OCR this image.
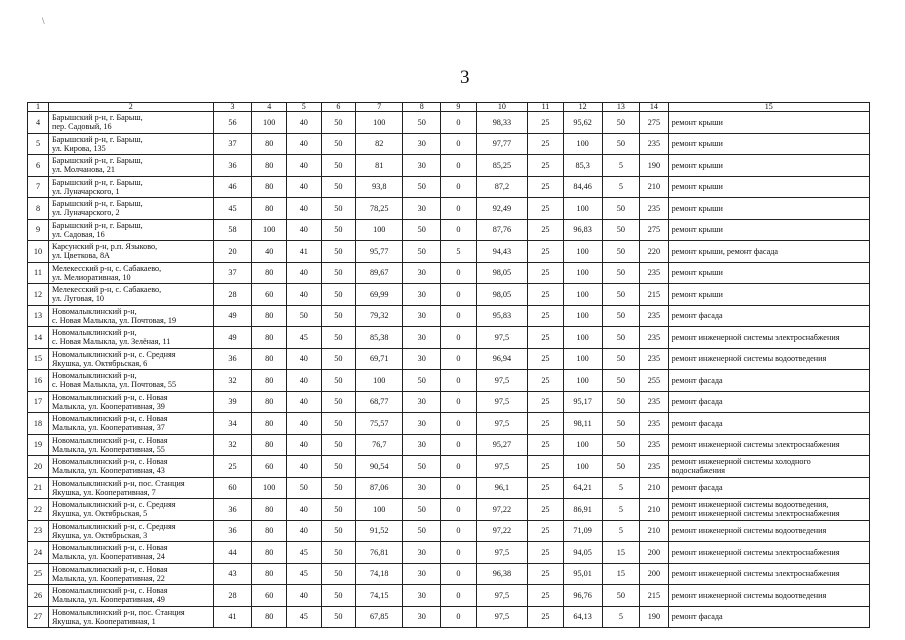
\
3
1	2	3	4	5	6	7	8	9	10	11	12	13	14	15
4	Барышский р-н, г. Барыш,
пер. Садовый, 16	56	100	40	50	100	50	0	98,33	25	95,62	50	275	ремонт крыши

5	Барышский р-н, г. Барыш,
ул. Кирова, 135	37	80	40	50	82	30	0	97,77	25	100	50	235	ремонт крыши

6	Барышский р-н, г. Барыш,
ул. Молчанова, 21	36	80	40	50	81	30	0	85,25	25	85,3	5	190	ремонт крыши

7	Барышский р-н, г. Барыш,
ул. Луначарского, 1	46	80	40	50	93,8	50	0	87,2	25	84,46	5	210	ремонт крыши

8	Барышский р-н, г. Барыш,
ул. Луначарского, 2	45	80	40	50	78,25	30	0	92,49	25	100	50	235	ремонт крыши

9	Барышский р-н, г. Барыш,
ул. Садовая, 16	58	100	40	50	100	50	0	87,76	25	96,83	50	275	ремонт крыши

10	Карсунский р-н, р.п. Языково,
ул. Цветкова, 8А	20	40	41	50	95,77	50	5	94,43	25	100	50	220	ремонт крыши, ремонт фасада

11	Мелекесский р-н, с. Сабакаево,
ул. Мелиоративная, 10	37	80	40	50	89,67	30	0	98,05	25	100	50	235	ремонт крыши

12	Мелекесский р-н, с. Сабакаево,
ул. Луговая, 10	28	60	40	50	69,99	30	0	98,05	25	100	50	215	ремонт крыши

13	Новомалыклинский р-н,
с. Новая Малыкла, ул. Почтовая, 19	49	80	50	50	79,32	30	0	95,83	25	100	50	235	ремонт фасада

14	Новомалыклинский р-н,
с. Новая Малыкла, ул. Зелёная, 11	49	80	45	50	85,38	30	0	97,5	25	100	50	235	ремонт инженерной системы электроснабжения

15	Новомалыклинский р-н, с. Средняя
Якушка, ул. Октябрьская, 6	36	80	40	50	69,71	30	0	96,94	25	100	50	235	ремонт инженерной системы водоотведения

16	Новомалыклинский р-н,
с. Новая Малыкла, ул. Почтовая, 55	32	80	40	50	100	50	0	97,5	25	100	50	255	ремонт фасада

17	Новомалыклинский р-н, с. Новая
Малыкла, ул. Кооперативная, 39	39	80	40	50	68,77	30	0	97,5	25	95,17	50	235	ремонт фасада

18	Новомалыклинский р-н, с. Новая
Малыкла, ул. Кооперативная, 37	34	80	40	50	75,57	30	0	97,5	25	98,11	50	235	ремонт фасада

19	Новомалыклинский р-н, с. Новая
Малыкла, ул. Кооперативная, 55	32	80	40	50	76,7	30	0	95,27	25	100	50	235	ремонт инженерной системы электроснабжения

20	Новомалыклинский р-н, с. Новая
Малыкла, ул. Кооперативная, 43	25	60	40	50	90,54	50	0	97,5	25	100	50	235	ремонт инженерной системы холодного
водоснабжения

21	Новомалыклинский р-н, пос. Станция
Якушка, ул. Кооперативная, 7	60	100	50	50	87,06	30	0	96,1	25	64,21	5	210	ремонт фасада

22	Новомалыклинский р-н, с. Средняя
Якушка, ул. Октябрьская, 5	36	80	40	50	100	50	0	97,22	25	86,91	5	210	ремонт инженерной системы водоотведения,
ремонт инженерной системы электроснабжения

23	Новомалыклинский р-н, с. Средняя
Якушка, ул. Октябрьская, 3	36	80	40	50	91,52	50	0	97,22	25	71,09	5	210	ремонт инженерной системы водоотведения

24	Новомалыклинский р-н, с. Новая
Малыкла, ул. Кооперативная, 24	44	80	45	50	76,81	30	0	97,5	25	94,05	15	200	ремонт инженерной системы электроснабжения

25	Новомалыклинский р-н, с. Новая
Малыкла, ул. Кооперативная, 22	43	80	45	50	74,18	30	0	96,38	25	95,01	15	200	ремонт инженерной системы электроснабжения

26	Новомалыклинский р-н, с. Новая
Малыкла, ул. Кооперативная, 49	28	60	40	50	74,15	30	0	97,5	25	96,76	50	215	ремонт инженерной системы водоотведения

27	Новомалыклинский р-н, пос. Станция
Якушка, ул. Кооперативная, 1	41	80	45	50	67,85	30	0	97,5	25	64,13	5	190	ремонт фасада
